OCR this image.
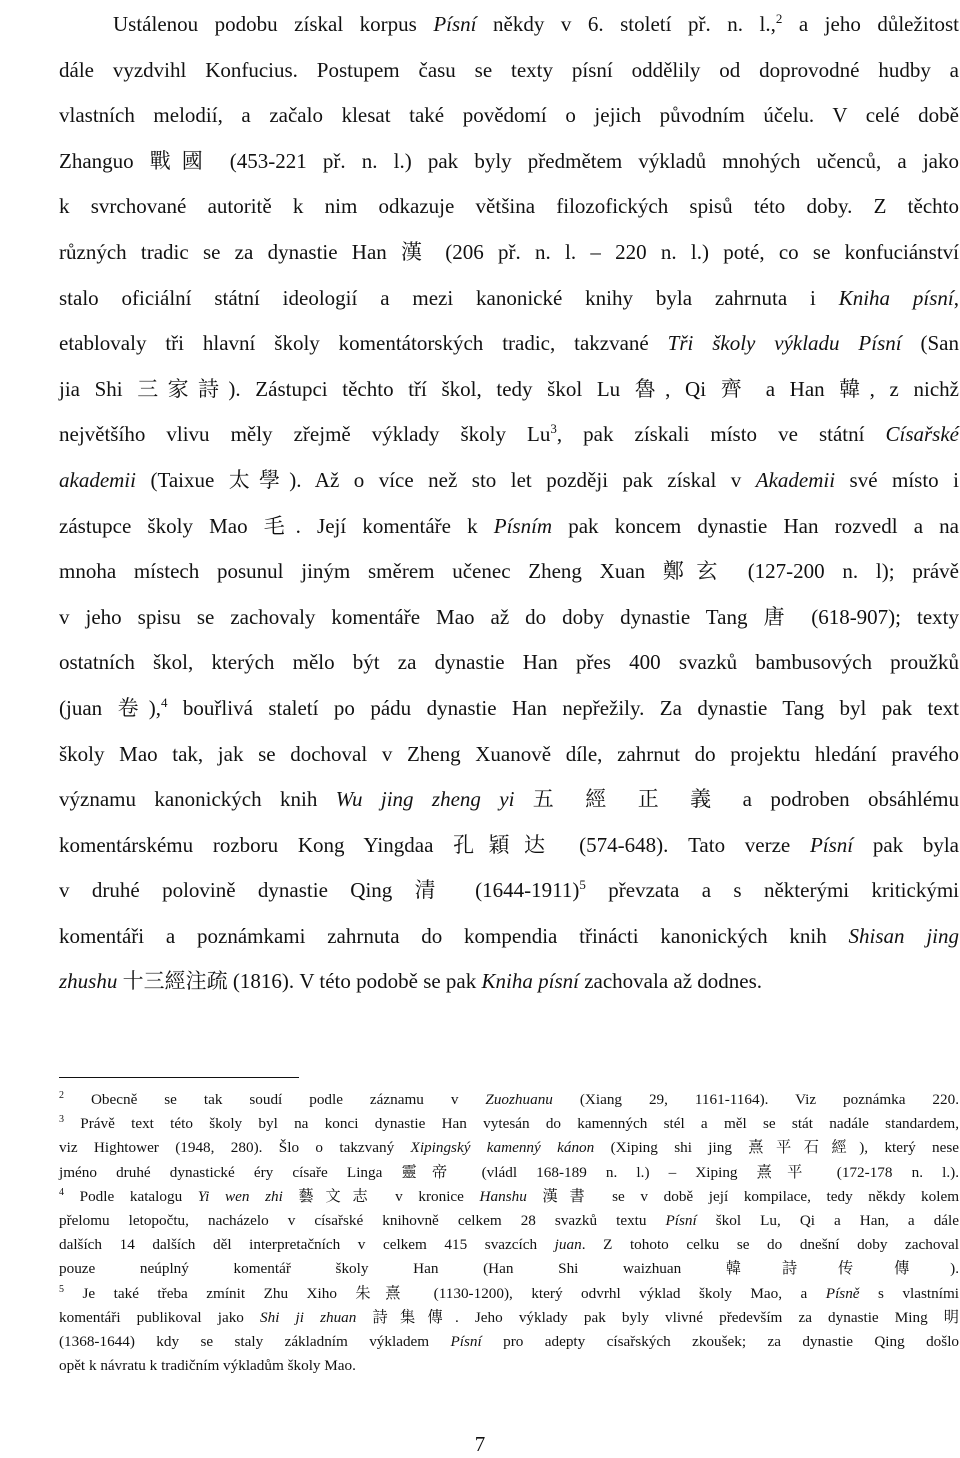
Ustálenou podobu získal korpus Písní někdy v 6. století př. n. l.,$^2$ a jeho důležitost
dále vyzdvihl Konfucius. Postupem času se texty písní oddělily od doprovodné hudby a
vlastních melodií, a začalo klesat také povědomí o jejich původním účelu. V celé době
Zhanguo 戰國 (453-221 př. n. l.) pak byly předmětem výkladů mnohých učenců, a jako
k svrchované autoritě k nim odkazuje většina filozofických spisů této doby. Z těchto
různých tradic se za dynastie Han 漢 (206 př. n. l. – 220 n. l.) poté, co se konfuciánství
stalo oficiální státní ideologií a mezi kanonické knihy byla zahrnuta i Kniha písní,
etablovaly tři hlavní školy komentátorských tradic, takzvané Tři školy výkladu Písní (San
jia Shi 三家詩). Zástupci těchto tří škol, tedy škol Lu 魯, Qi 齊 a Han 韓, z nichž
největšího vlivu měly zřejmě výklady školy Lu$^3$, pak získali místo ve státní Císařské
akademii (Taixue 太學). Až o více než sto let později pak získal v Akademii své místo i
zástupce školy Mao 毛. Její komentáře k Písním pak koncem dynastie Han rozvedl a na
mnoha místech posunul jiným směrem učenec Zheng Xuan 鄭玄 (127-200 n. l); právě
v jeho spisu se zachovaly komentáře Mao až do doby dynastie Tang 唐 (618-907); texty
ostatních škol, kterých mělo být za dynastie Han přes 400 svazků bambusových proužků
(juan 卷),$^4$ bouřlivá staletí po pádu dynastie Han nepřežily. Za dynastie Tang byl pak text
školy Mao tak, jak se dochoval v Zheng Xuanově díle, zahrnut do projektu hledání pravého
významu kanonických knih Wu jing zheng yi 五 經 正 義 a podroben obsáhlému
komentárskému rozboru Kong Yingdaa 孔穎达 (574-648). Tato verze Písní pak byla
v druhé polovině dynastie Qing 清 (1644-1911)$^5$ převzata a s některými kritickými
komentáři a poznámkami zahrnuta do kompendia třinácti kanonických knih Shisan jing
zhushu 十三經注疏 (1816). V této podobě se pak Kniha písní zachovala až dodnes.
$^2$ Obecně se tak soudí podle záznamu v Zuozhuanu (Xiang 29, 1161-1164). Viz poznámka 220.
$^3$ Právě text této školy byl na konci dynastie Han vytesán do kamenných stél a měl se stát nadále standardem,
viz Hightower (1948, 280). Šlo o takzvaný Xipingský kamenný kánon (Xiping shi jing 熹平石經), který nese
jméno druhé dynastické éry císaře Linga 靈帝 (vládl 168-189 n. l.) – Xiping 熹平 (172-178 n. l.).
$^4$ Podle katalogu Yi wen zhi 藝文志 v kronice Hanshu 漢書 se v době její kompilace, tedy někdy kolem
přelomu letopočtu, nacházelo v císařské knihovně celkem 28 svazků textu Písní škol Lu, Qi a Han, a dále
dalších 14 dalších děl interpretačních v celkem 415 svazcích juan. Z tohoto celku se do dnešní doby zachoval
pouze neúplný komentář školy Han (Han Shi waizhuan 韓詩传傳).
$^5$ Je také třeba zmínit Zhu Xiho 朱熹 (1130-1200), který odvrhl výklad školy Mao, a Písně s vlastními
komentáři publikoval jako Shi ji zhuan 詩集傳. Jeho výklady pak byly vlivné především za dynastie Ming 明
(1368-1644) kdy se staly základním výkladem Písní pro adepty císařských zkoušek; za dynastie Qing došlo
opět k návratu k tradičním výkladům školy Mao.
7
